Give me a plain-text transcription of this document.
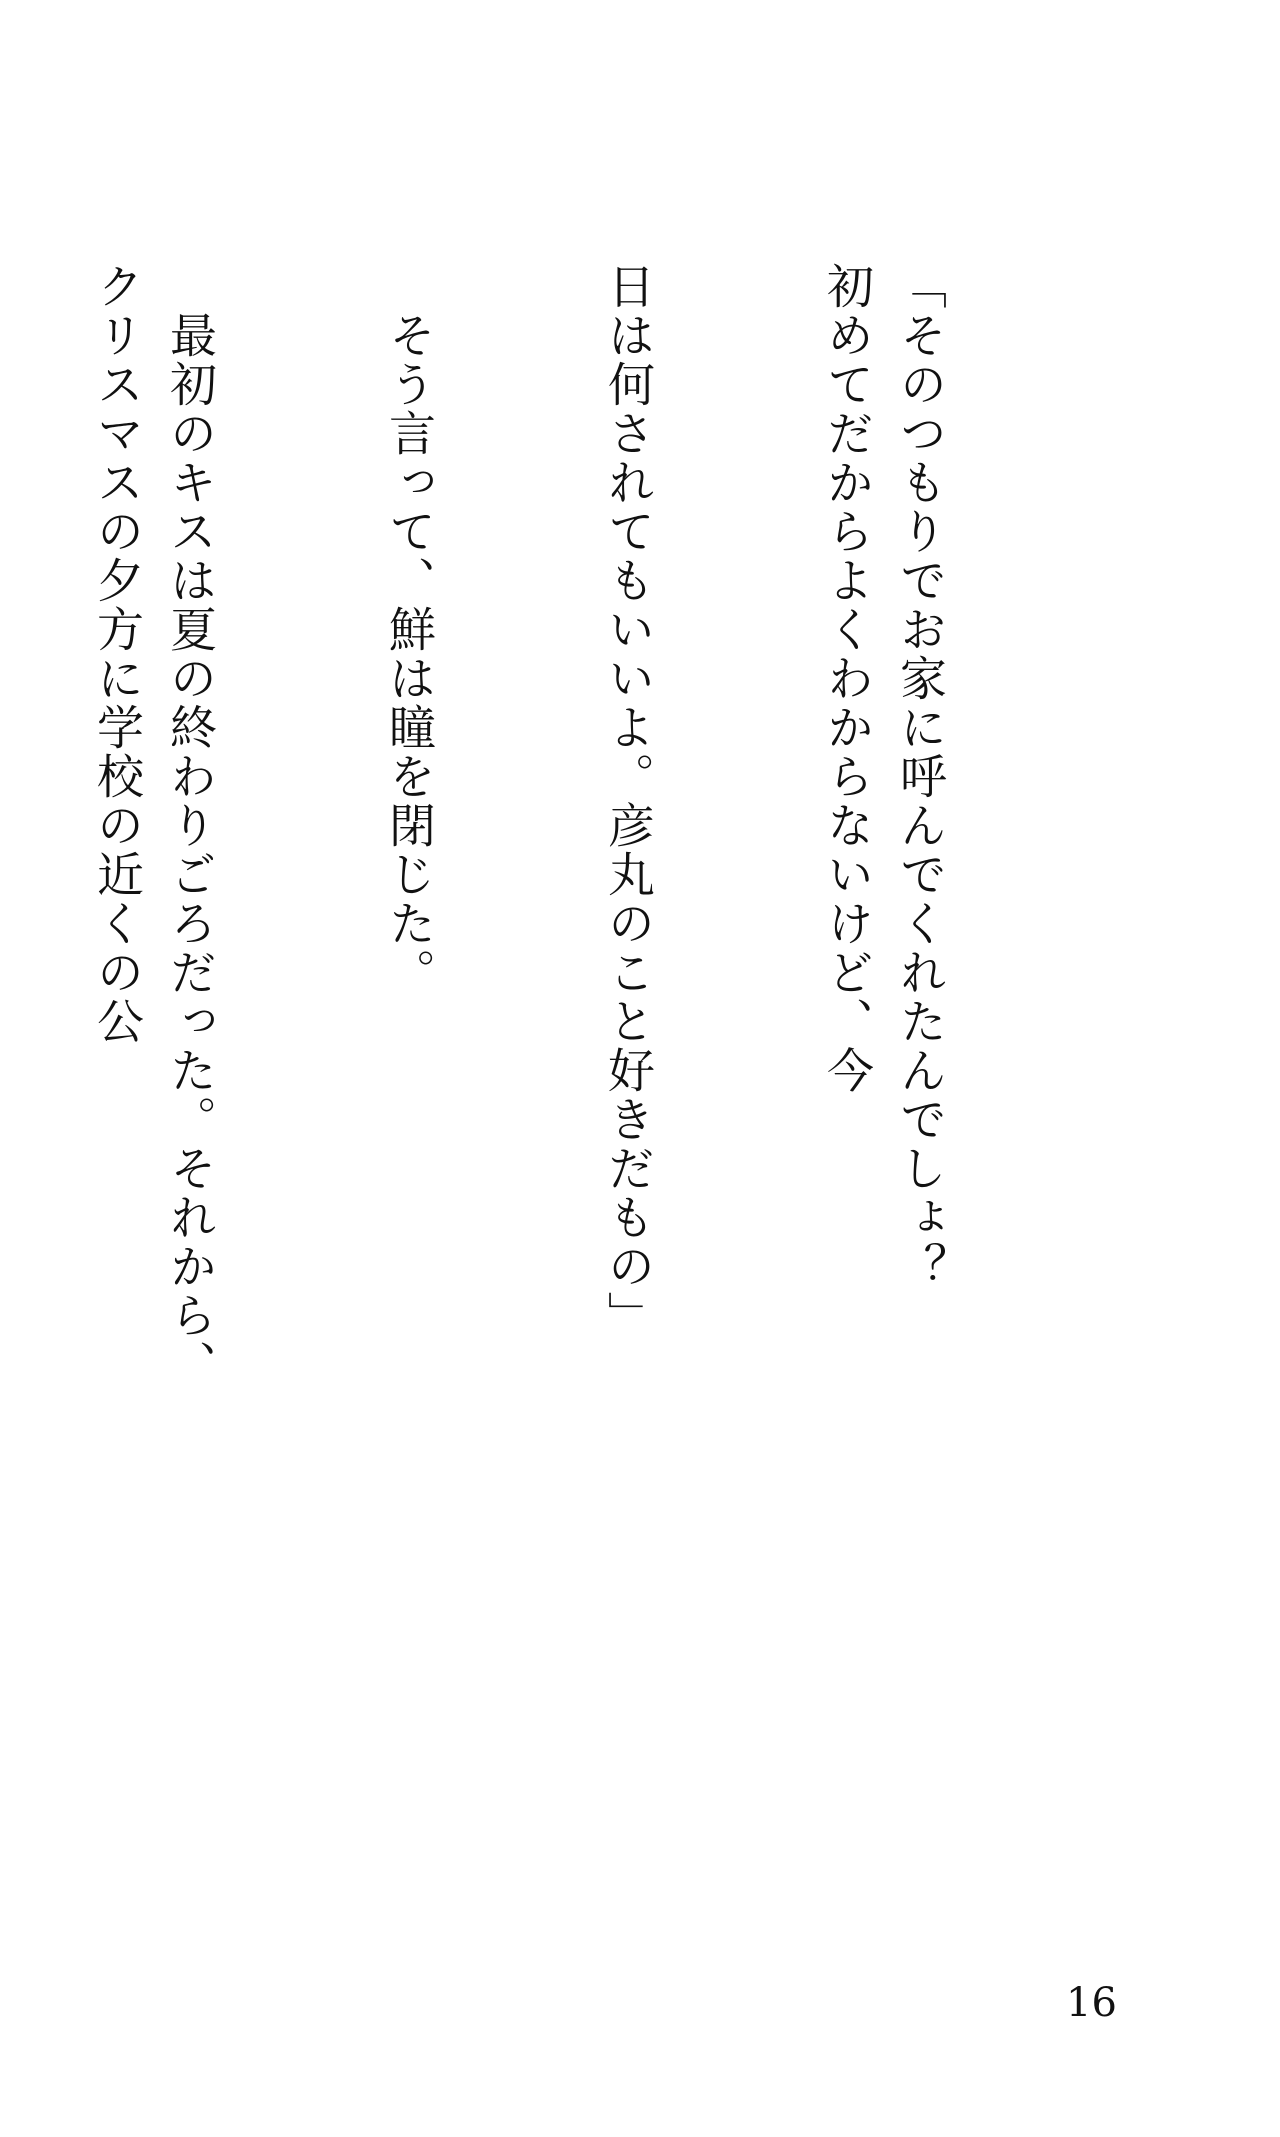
「そのつもりでお家に呼んでくれたんでしょ？　初めてだからよくわからないけど、今

日は何されてもいいよ。彦丸のこと好きだもの」

　そう言って、鮮は瞳を閉じた。

　最初のキスは夏の終わりごろだった。それから、クリスマスの夕方に学校の近くの公

16
